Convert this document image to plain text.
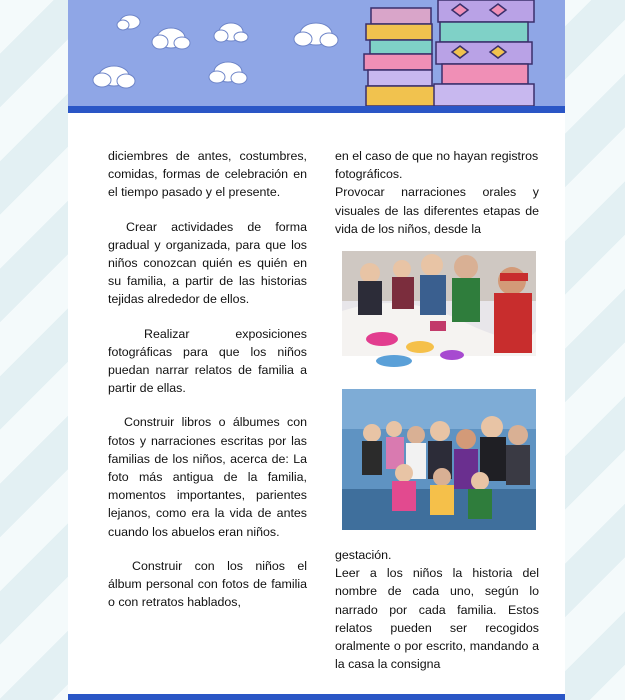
diciembres de antes, costumbres, comidas, formas de celebración en el tiempo pasado y el presente.

Crear actividades de forma gradual y organizada, para que los niños conozcan quién es quién en su familia, a partir de las historias tejidas alrededor de ellos.

Realizar exposiciones fotográficas para que los niños puedan narrar relatos de familia a partir de ellas.

Construir libros o álbumes con fotos y narraciones escritas por las familias de los niños, acerca de: La foto más antigua de la familia, momentos importantes, parientes lejanos, como era la vida de antes cuando los abuelos eran niños.

Construir con los niños el álbum personal con fotos de familia o con retratos hablados,

en el caso de que no hayan registros fotográficos.

Provocar narraciones orales y visuales de las diferentes etapas de vida de los niños, desde la

gestación.

Leer a los niños la historia del nombre de cada uno, según lo narrado por cada familia. Estos relatos pueden ser recogidos oralmente o por escrito, mandando a la casa la consigna
